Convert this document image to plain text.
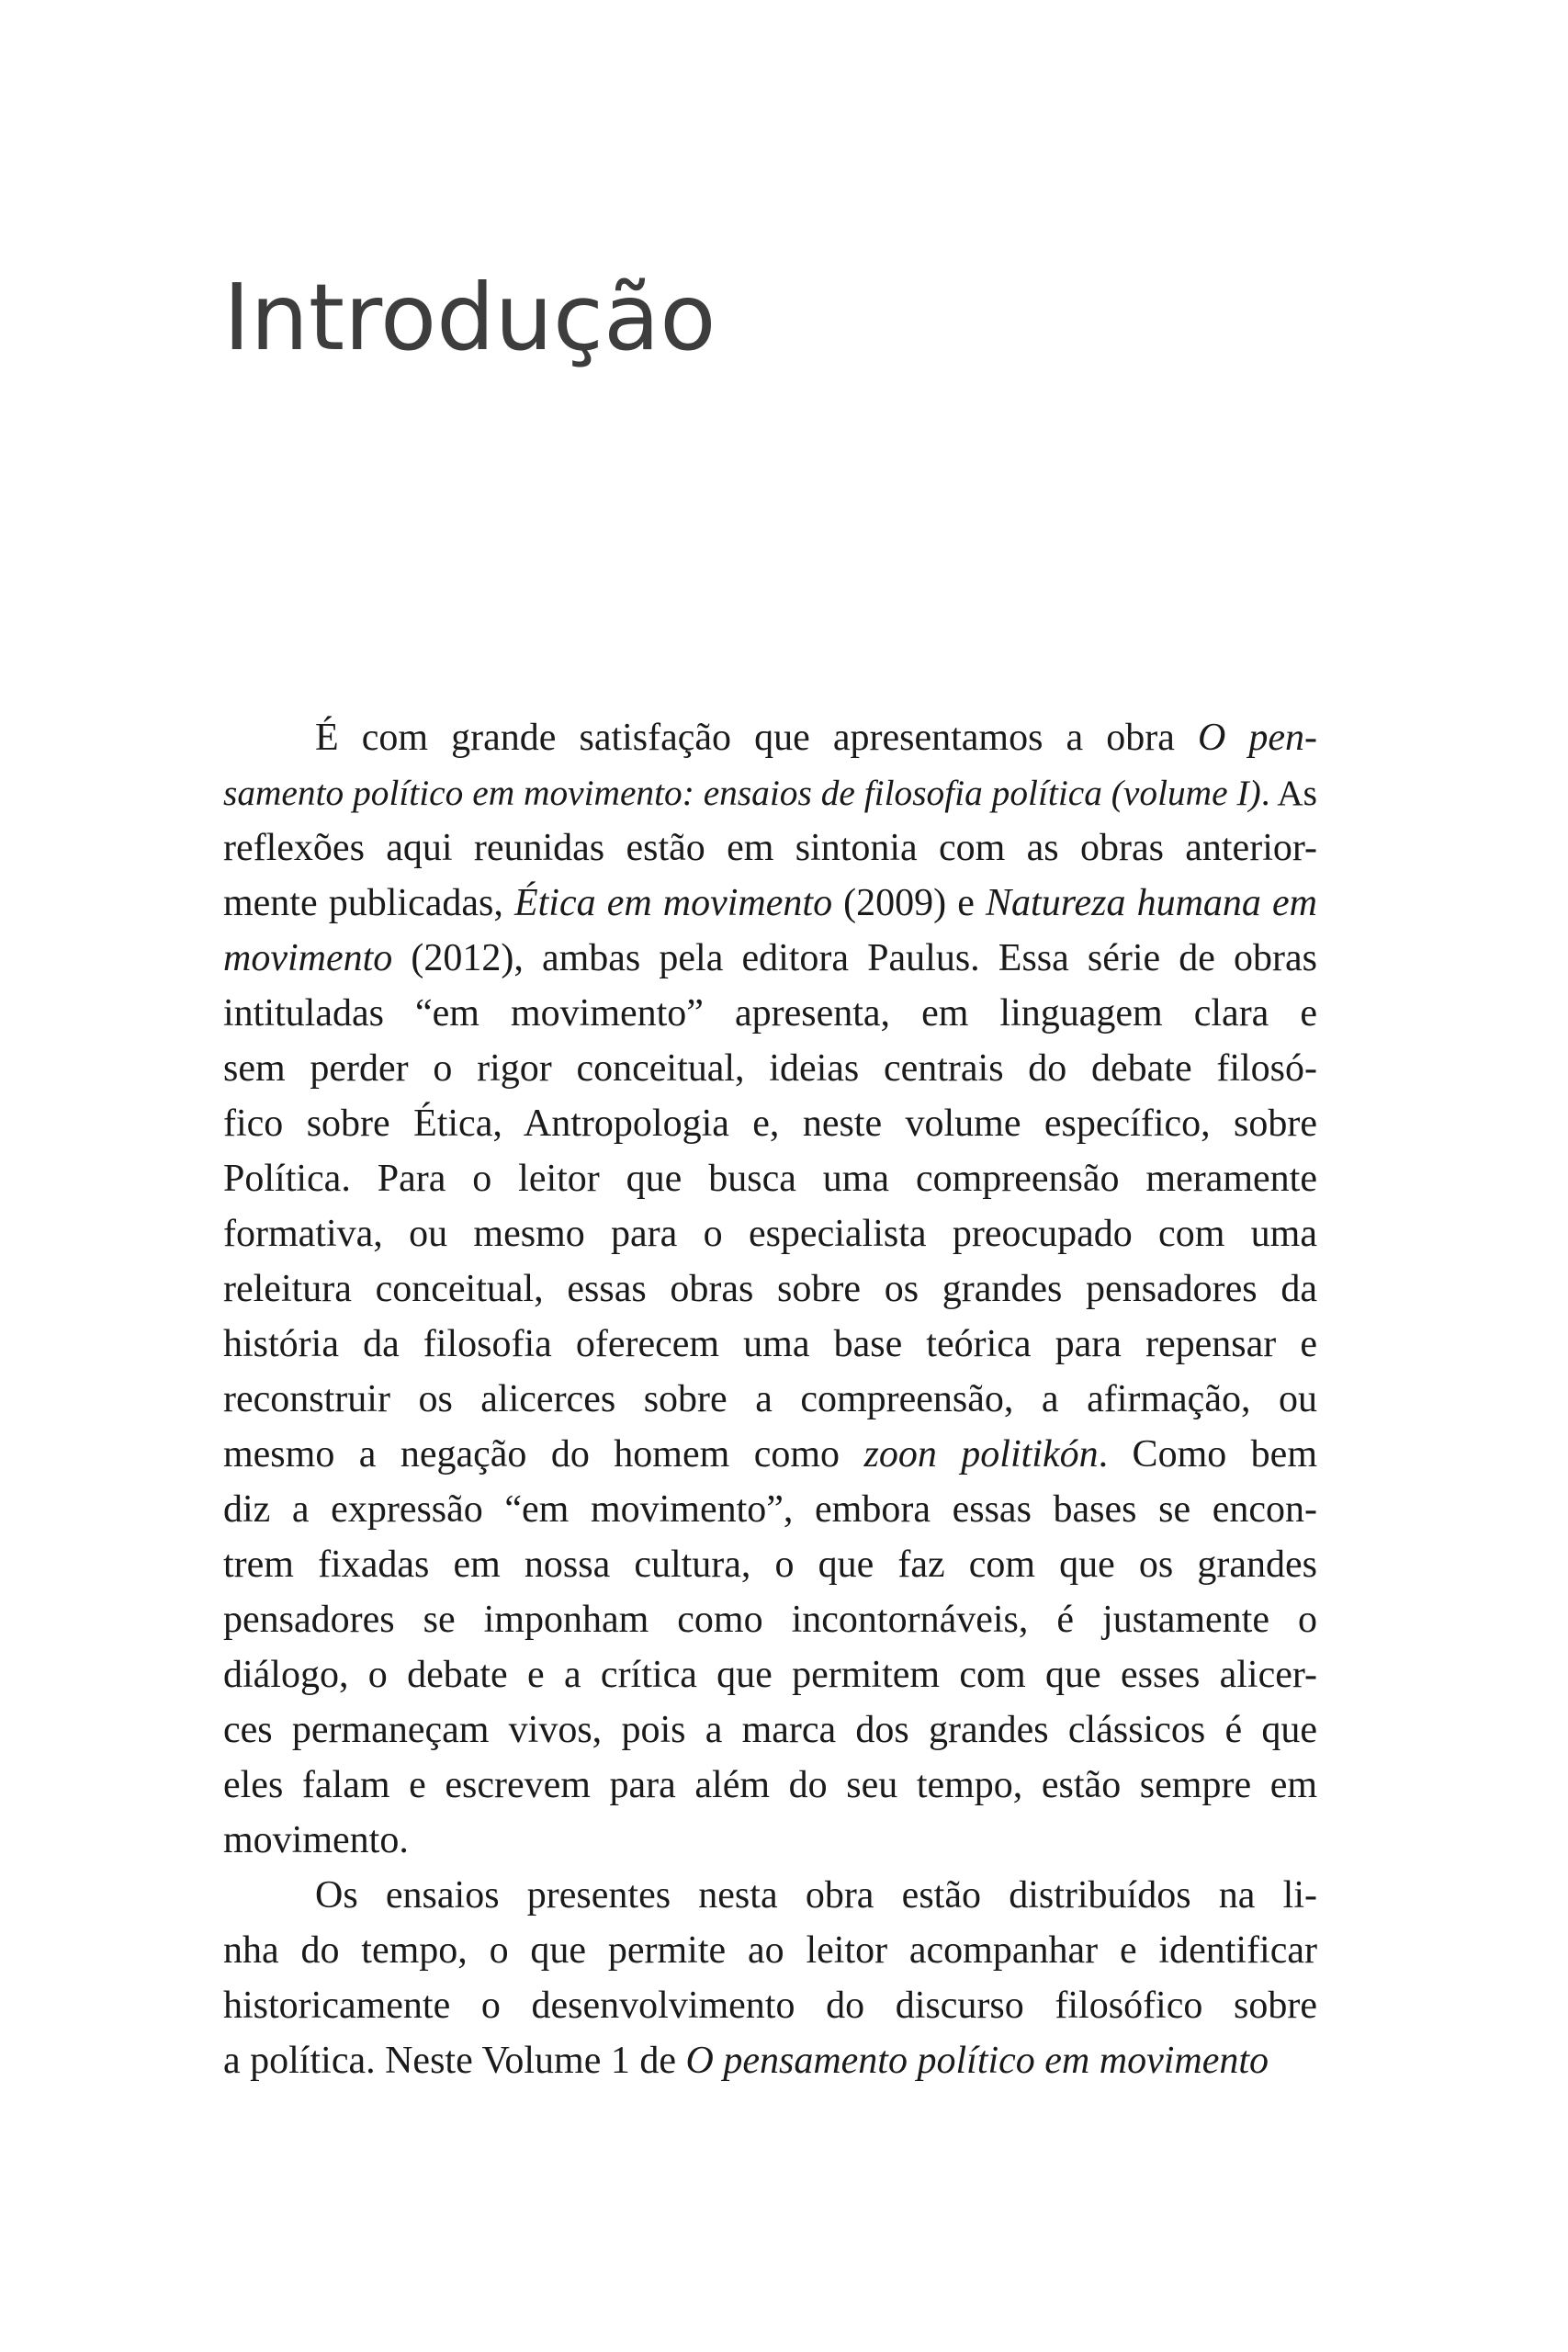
Introdução
É com grande satisfação que apresentamos a obra O pen-
samento político em movimento: ensaios de filosofia política (volume I). As
reflexões aqui reunidas estão em sintonia com as obras anterior-
mente publicadas, Ética em movimento (2009) e Natureza humana em
movimento (2012), ambas pela editora Paulus. Essa série de obras
intituladas “em movimento” apresenta, em linguagem clara e
sem perder o rigor conceitual, ideias centrais do debate filosó-
fico sobre Ética, Antropologia e, neste volume específico, sobre
Política. Para o leitor que busca uma compreensão meramente
formativa, ou mesmo para o especialista preocupado com uma
releitura conceitual, essas obras sobre os grandes pensadores da
história da filosofia oferecem uma base teórica para repensar e
reconstruir os alicerces sobre a compreensão, a afirmação, ou
mesmo a negação do homem como zoon politikón. Como bem
diz a expressão “em movimento”, embora essas bases se encon-
trem fixadas em nossa cultura, o que faz com que os grandes
pensadores se imponham como incontornáveis, é justamente o
diálogo, o debate e a crítica que permitem com que esses alicer-
ces permaneçam vivos, pois a marca dos grandes clássicos é que
eles falam e escrevem para além do seu tempo, estão sempre em
movimento.
Os ensaios presentes nesta obra estão distribuídos na li-
nha do tempo, o que permite ao leitor acompanhar e identificar
historicamente o desenvolvimento do discurso filosófico sobre
a política. Neste Volume 1 de O pensamento político em movimento
